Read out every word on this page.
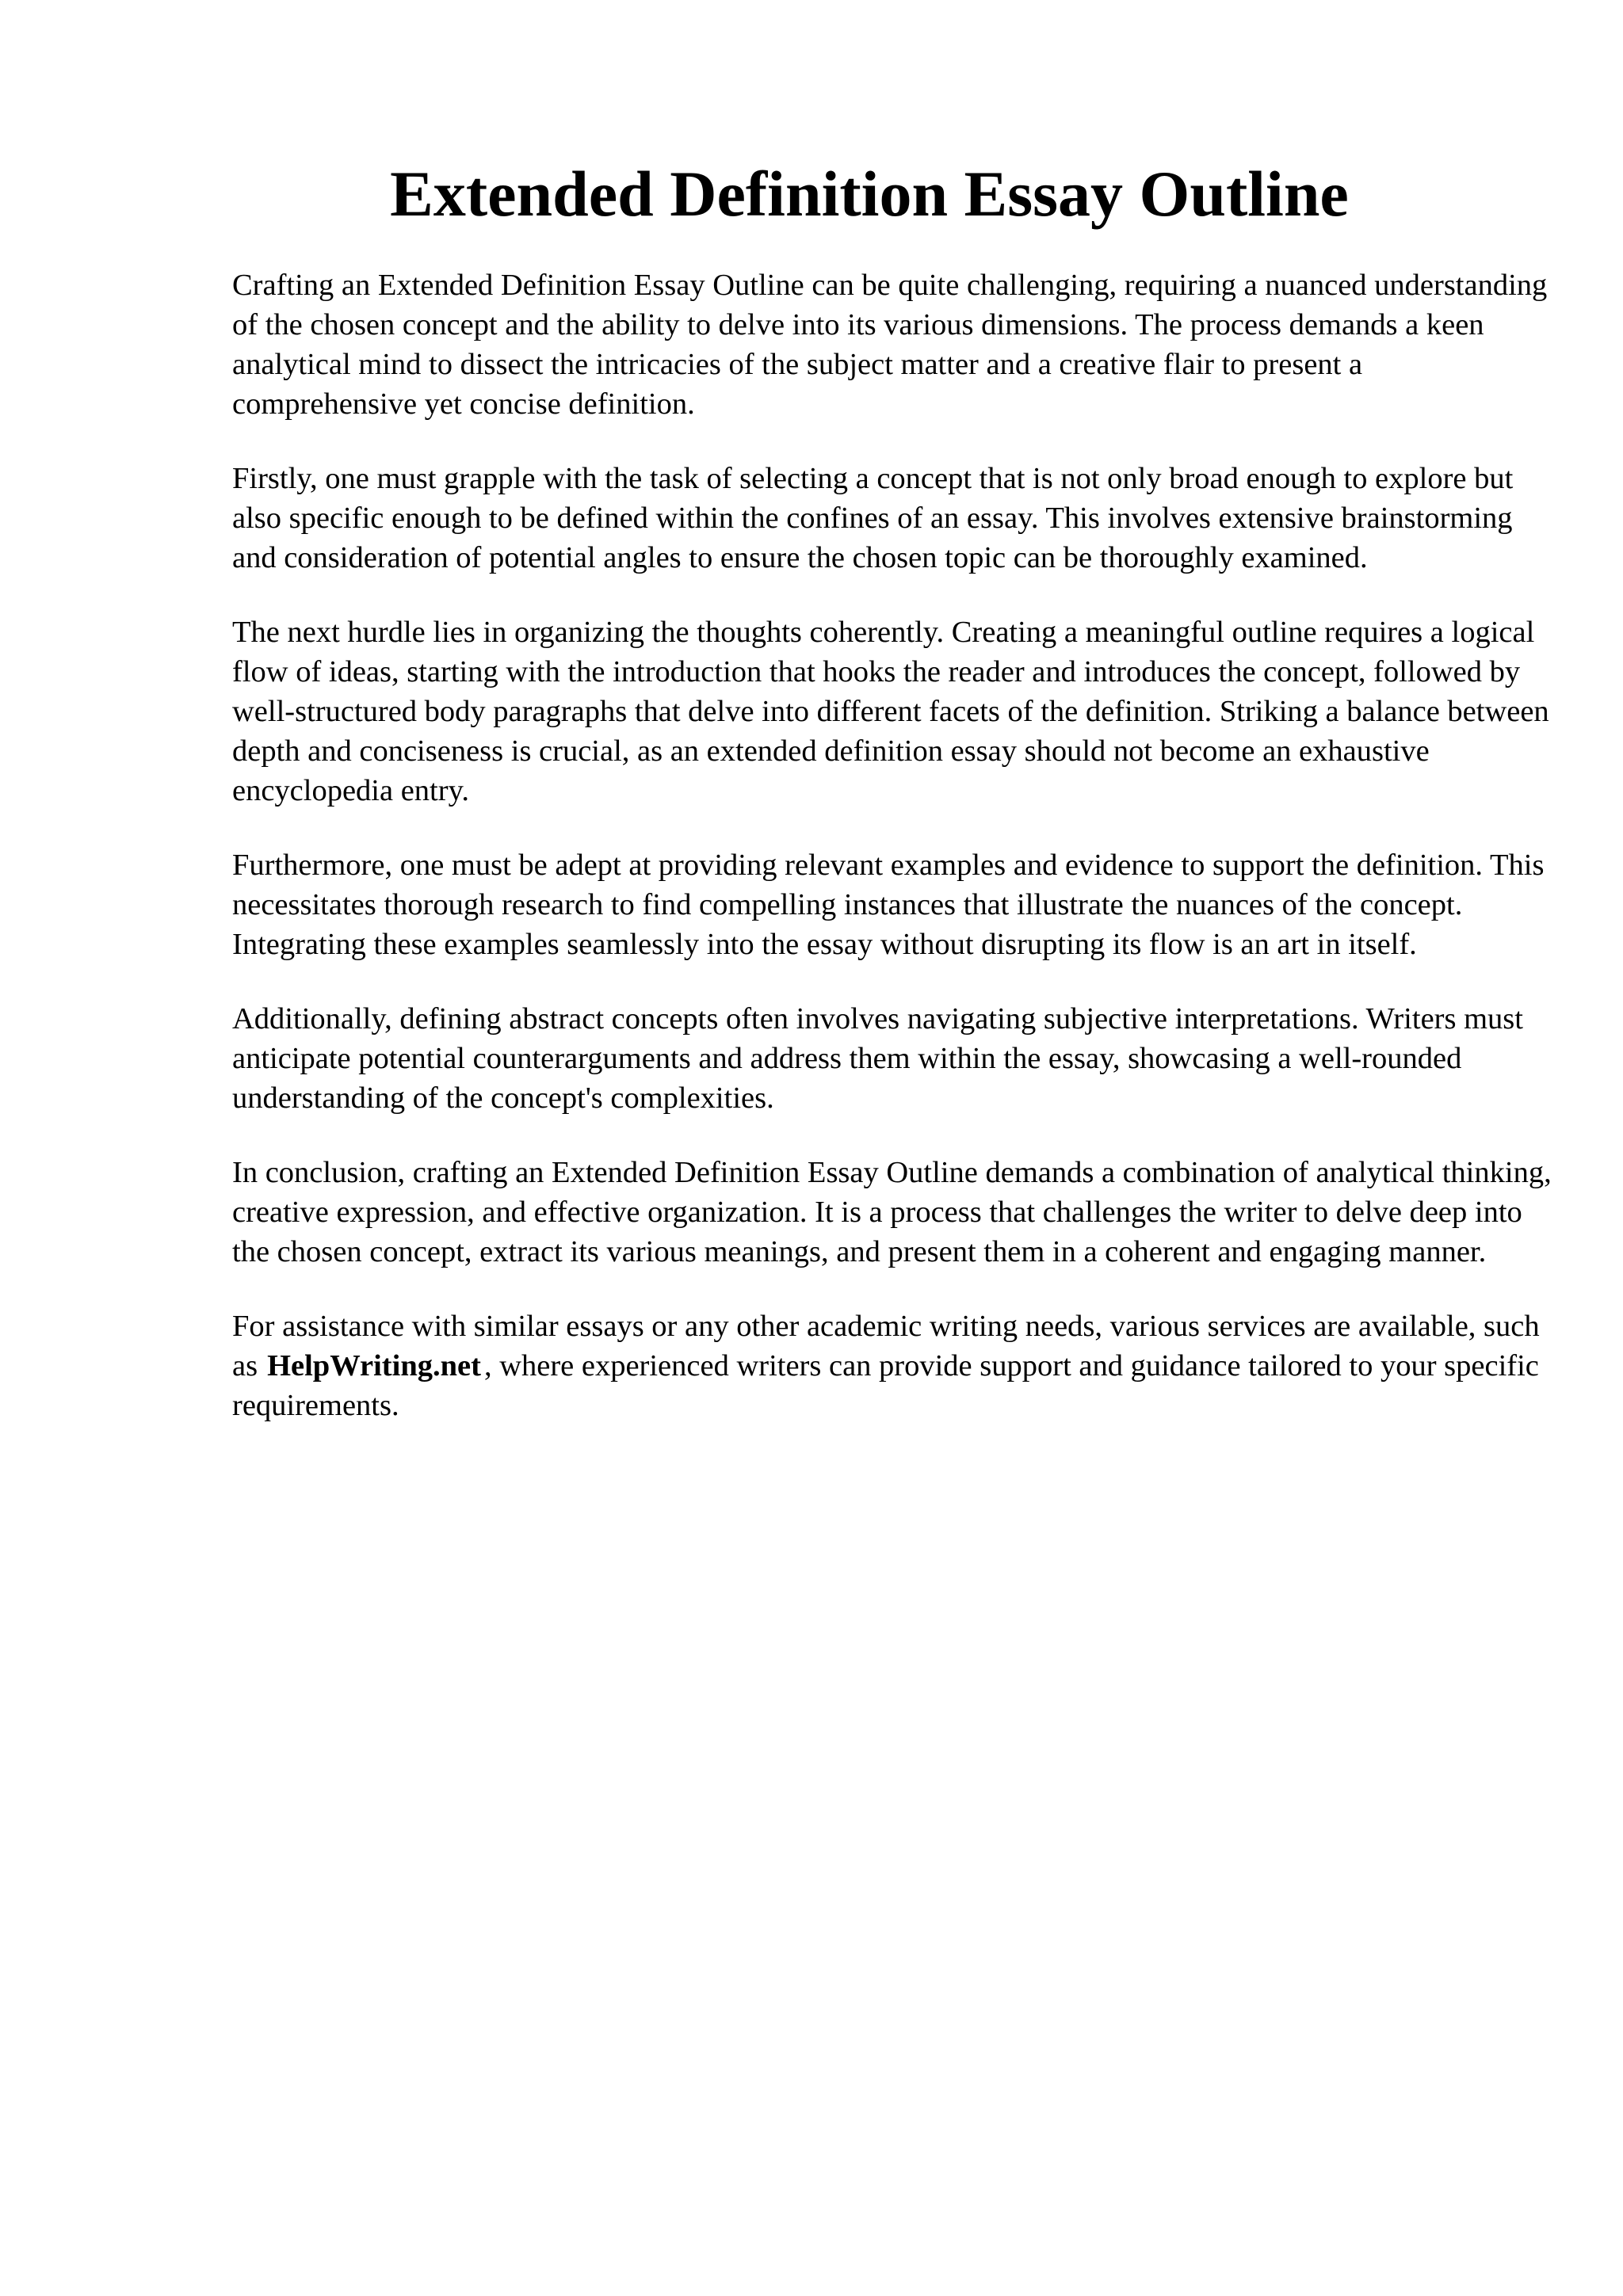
Extended Definition Essay Outline

Crafting an Extended Definition Essay Outline can be quite challenging, requiring a nuanced understanding of the chosen concept and the ability to delve into its various dimensions. The process demands a keen analytical mind to dissect the intricacies of the subject matter and a creative flair to present a comprehensive yet concise definition.

Firstly, one must grapple with the task of selecting a concept that is not only broad enough to explore but also specific enough to be defined within the confines of an essay. This involves extensive brainstorming and consideration of potential angles to ensure the chosen topic can be thoroughly examined.

The next hurdle lies in organizing the thoughts coherently. Creating a meaningful outline requires a logical flow of ideas, starting with the introduction that hooks the reader and introduces the concept, followed by well-structured body paragraphs that delve into different facets of the definition. Striking a balance between depth and conciseness is crucial, as an extended definition essay should not become an exhaustive encyclopedia entry.

Furthermore, one must be adept at providing relevant examples and evidence to support the definition. This necessitates thorough research to find compelling instances that illustrate the nuances of the concept. Integrating these examples seamlessly into the essay without disrupting its flow is an art in itself.

Additionally, defining abstract concepts often involves navigating subjective interpretations. Writers must anticipate potential counterarguments and address them within the essay, showcasing a well-rounded understanding of the concept's complexities.

In conclusion, crafting an Extended Definition Essay Outline demands a combination of analytical thinking, creative expression, and effective organization. It is a process that challenges the writer to delve deep into the chosen concept, extract its various meanings, and present them in a coherent and engaging manner.

For assistance with similar essays or any other academic writing needs, various services are available, such as HelpWriting.net , where experienced writers can provide support and guidance tailored to your specific requirements.
